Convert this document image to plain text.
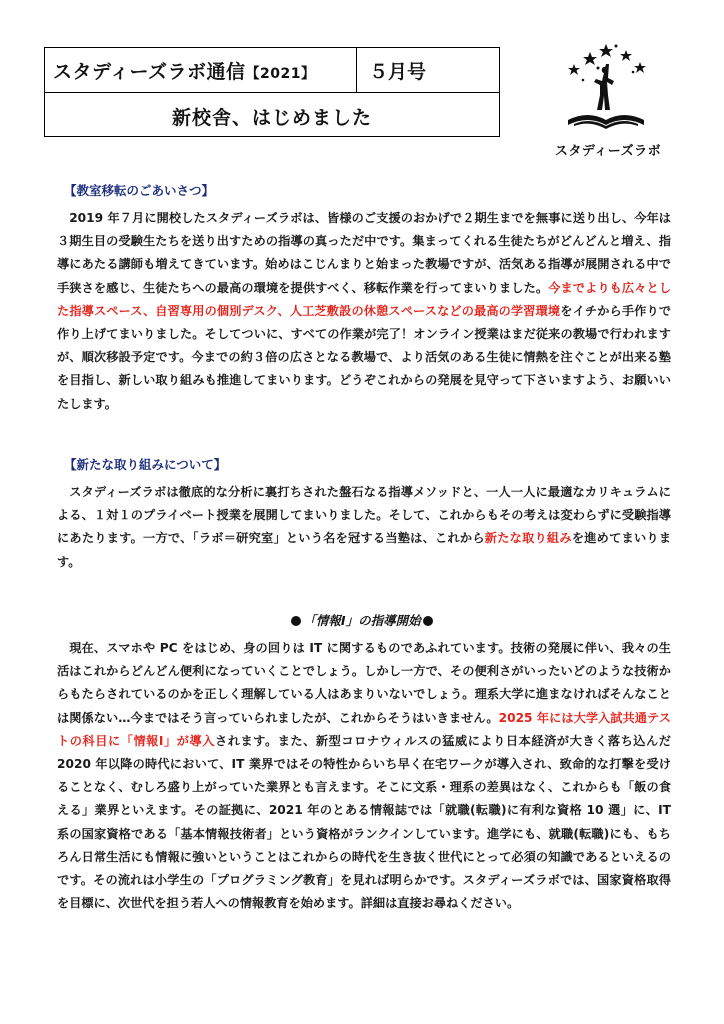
スタディーズラボ通信【2021】	５月号
新校舎、はじめました
スタディーズラボ
【教室移転のごあいさつ】
2019 年７月に開校したスタディーズラボは、皆様のご支援のおかげで２期生までを無事に送り出し、今年は３期生目の受験生たちを送り出すための指導の真っただ中です。集まってくれる生徒たちがどんどんと増え、指導にあたる講師も増えてきています。始めはこじんまりと始まった教場ですが、活気ある指導が展開される中で手狭さを感じ、生徒たちへの最高の環境を提供すべく、移転作業を行ってまいりました。今までよりも広々とした指導スペース、自習専用の個別デスク、人工芝敷設の休憩スペースなどの最高の学習環境をイチから手作りで作り上げてまいりました。そしてついに、すべての作業が完了！オンライン授業はまだ従来の教場で行われますが、順次移設予定です。今までの約３倍の広さとなる教場で、より活気のある生徒に情熱を注ぐことが出来る塾を目指し、新しい取り組みも推進してまいります。どうぞこれからの発展を見守って下さいますよう、お願いいたします。
【新たな取り組みについて】
スタディーズラボは徹底的な分析に裏打ちされた盤石なる指導メソッドと、一人一人に最適なカリキュラムによる、１対１のプライベート授業を展開してまいりました。そして、これからもその考えは変わらずに受験指導にあたります。一方で、「ラボ＝研究室」という名を冠する当塾は、これから新たな取り組みを進めてまいります。
「情報Ⅰ」の指導開始
現在、スマホや PC をはじめ、身の回りは IT に関するものであふれています。技術の発展に伴い、我々の生活はこれからどんどん便利になっていくことでしょう。しかし一方で、その便利さがいったいどのような技術からもたらされているのかを正しく理解している人はあまりいないでしょう。理系大学に進まなければそんなことは関係ない…今まではそう言っていられましたが、これからそうはいきません。2025 年には大学入試共通テストの科目に「情報Ⅰ」が導入されます。また、新型コロナウィルスの猛威により日本経済が大きく落ち込んだ 2020 年以降の時代において、IT 業界ではその特性からいち早く在宅ワークが導入され、致命的な打撃を受けることなく、むしろ盛り上がっていた業界とも言えます。そこに文系・理系の差異はなく、これからも「飯の食える」業界といえます。その証拠に、2021 年のとある情報誌では「就職(転職)に有利な資格 10 選」に、IT 系の国家資格である「基本情報技術者」という資格がランクインしています。進学にも、就職(転職)にも、もちろん日常生活にも情報に強いということはこれからの時代を生き抜く世代にとって必須の知識であるといえるのです。その流れは小学生の「プログラミング教育」を見れば明らかです。スタディーズラボでは、国家資格取得を目標に、次世代を担う若人への情報教育を始めます。詳細は直接お尋ねください。
